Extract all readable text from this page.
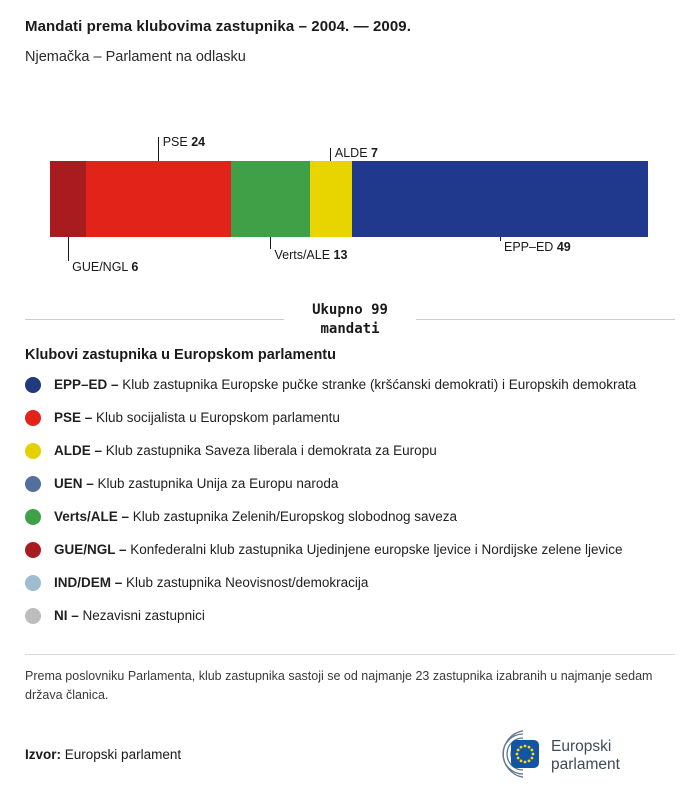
Mandati prema klubovima zastupnika – 2004. — 2009.
Njemačka – Parlament na odlasku
GUE/NGL 6
PSE 24
Verts/ALE 13
ALDE 7
EPP–ED 49
Ukupno 99
mandati
Klubovi zastupnika u Europskom parlamentu
EPP–ED – Klub zastupnika Europske pučke stranke (kršćanski demokrati) i Europskih demokrata
PSE – Klub socijalista u Europskom parlamentu
ALDE – Klub zastupnika Saveza liberala i demokrata za Europu
UEN – Klub zastupnika Unija za Europu naroda
Verts/ALE – Klub zastupnika Zelenih/Europskog slobodnog saveza
GUE/NGL – Konfederalni klub zastupnika Ujedinjene europske ljevice i Nordijske zelene ljevice
IND/DEM – Klub zastupnika Neovisnost/demokracija
NI – Nezavisni zastupnici

Prema poslovniku Parlamenta, klub zastupnika sastoji se od najmanje 23 zastupnika izabranih u najmanje sedam država članica.

Izvor: Europski parlament	Europski
parlament
